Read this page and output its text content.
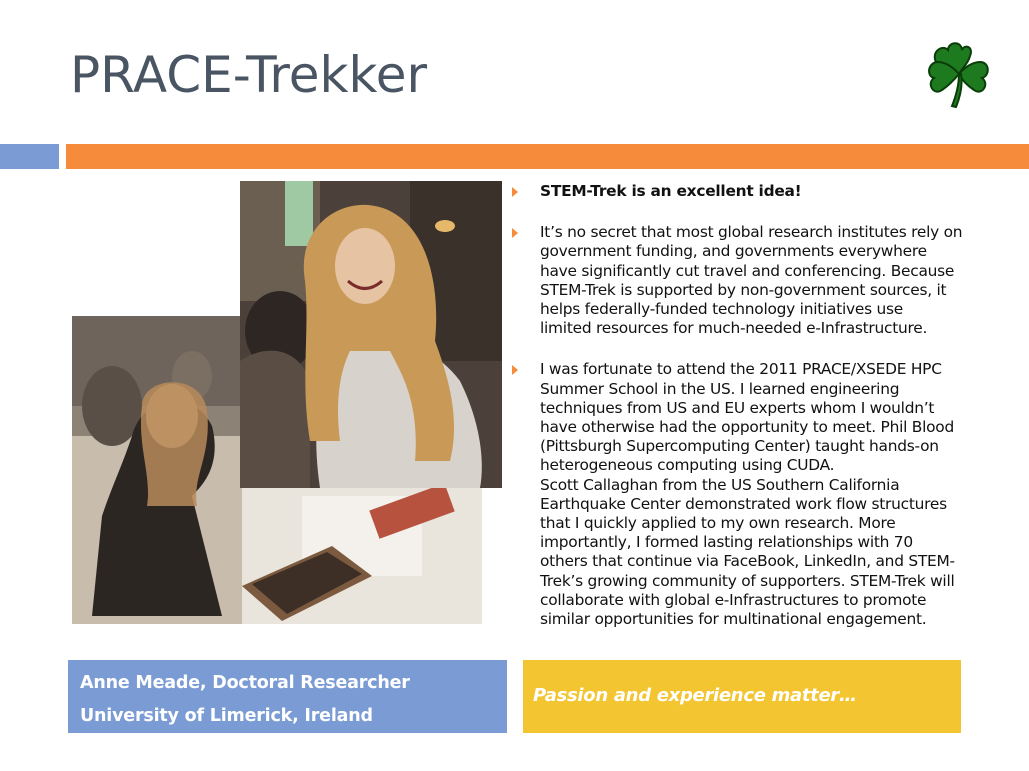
PRACE-Trekker

STEM-Trek is an excellent idea!

It’s no secret that most global research institutes rely on
government funding, and governments everywhere
have significantly cut travel and conferencing. Because
STEM-Trek is supported by non-government sources, it
helps federally-funded technology initiatives use
limited resources for much-needed e-Infrastructure.

I was fortunate to attend the 2011 PRACE/XSEDE HPC
Summer School in the US. I learned engineering
techniques from US and EU experts whom I wouldn’t
have otherwise had the opportunity to meet. Phil Blood
(Pittsburgh Supercomputing Center) taught hands-on
heterogeneous computing using CUDA.
Scott Callaghan from the US Southern California
Earthquake Center demonstrated work flow structures
that I quickly applied to my own research. More
importantly, I formed lasting relationships with 70
others that continue via FaceBook, LinkedIn, and STEM-
Trek’s growing community of supporters. STEM-Trek will
collaborate with global e-Infrastructures to promote
similar opportunities for multinational engagement.

Anne Meade, Doctoral Researcher
University of Limerick, Ireland
Passion and experience matter…
